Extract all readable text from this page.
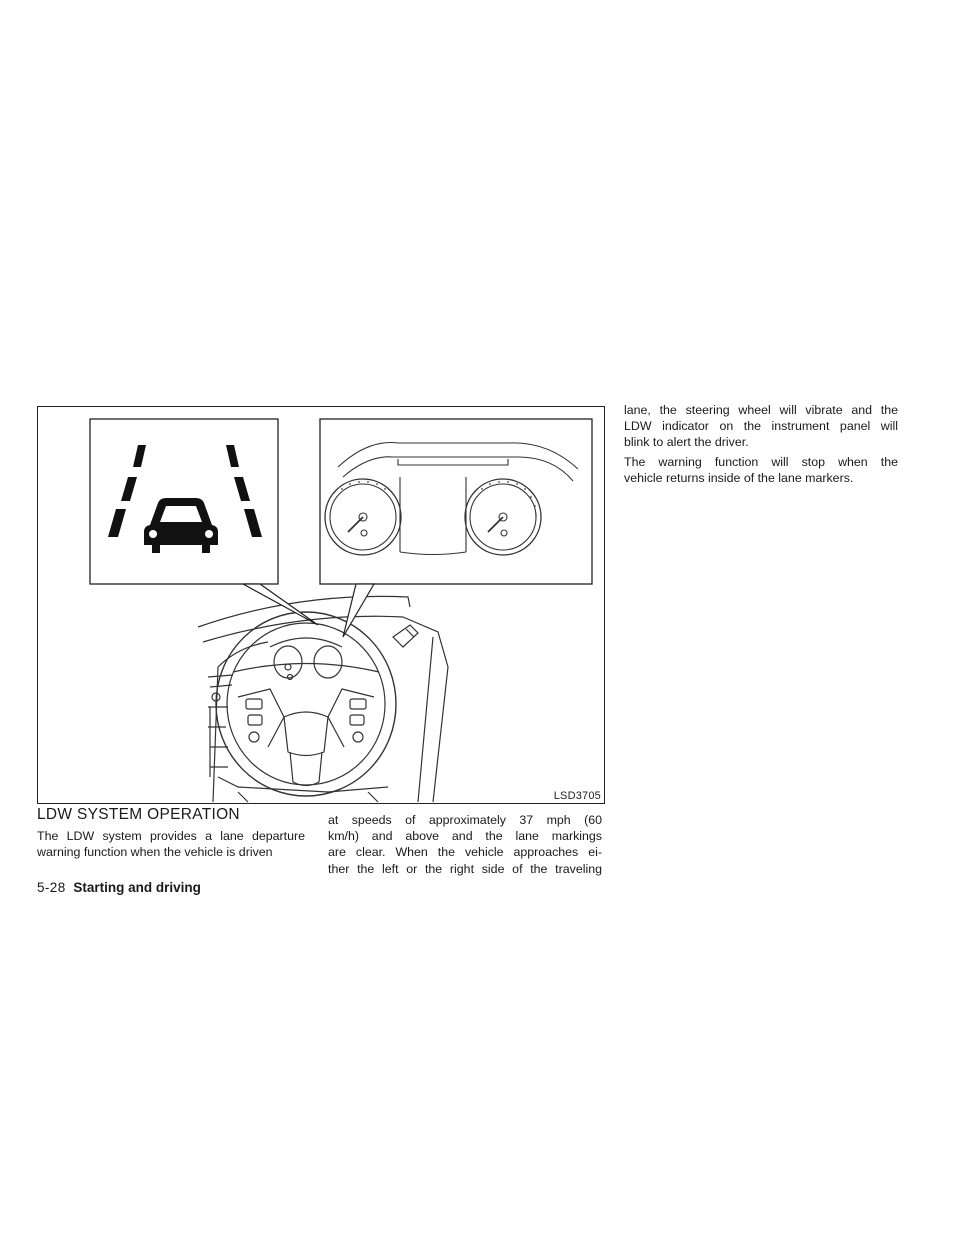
LSD3705
LDW SYSTEM OPERATION

The LDW system provides a lane departure
warning function when the vehicle is driven

at speeds of approximately 37 mph (60
km/h) and above and the lane markings
are clear. When the vehicle approaches ei-
ther the left or the right side of the traveling

lane, the steering wheel will vibrate and the
LDW indicator on the instrument panel will
blink to alert the driver.

The warning function will stop when the
vehicle returns inside of the lane markers.

5-28 Starting and driving
